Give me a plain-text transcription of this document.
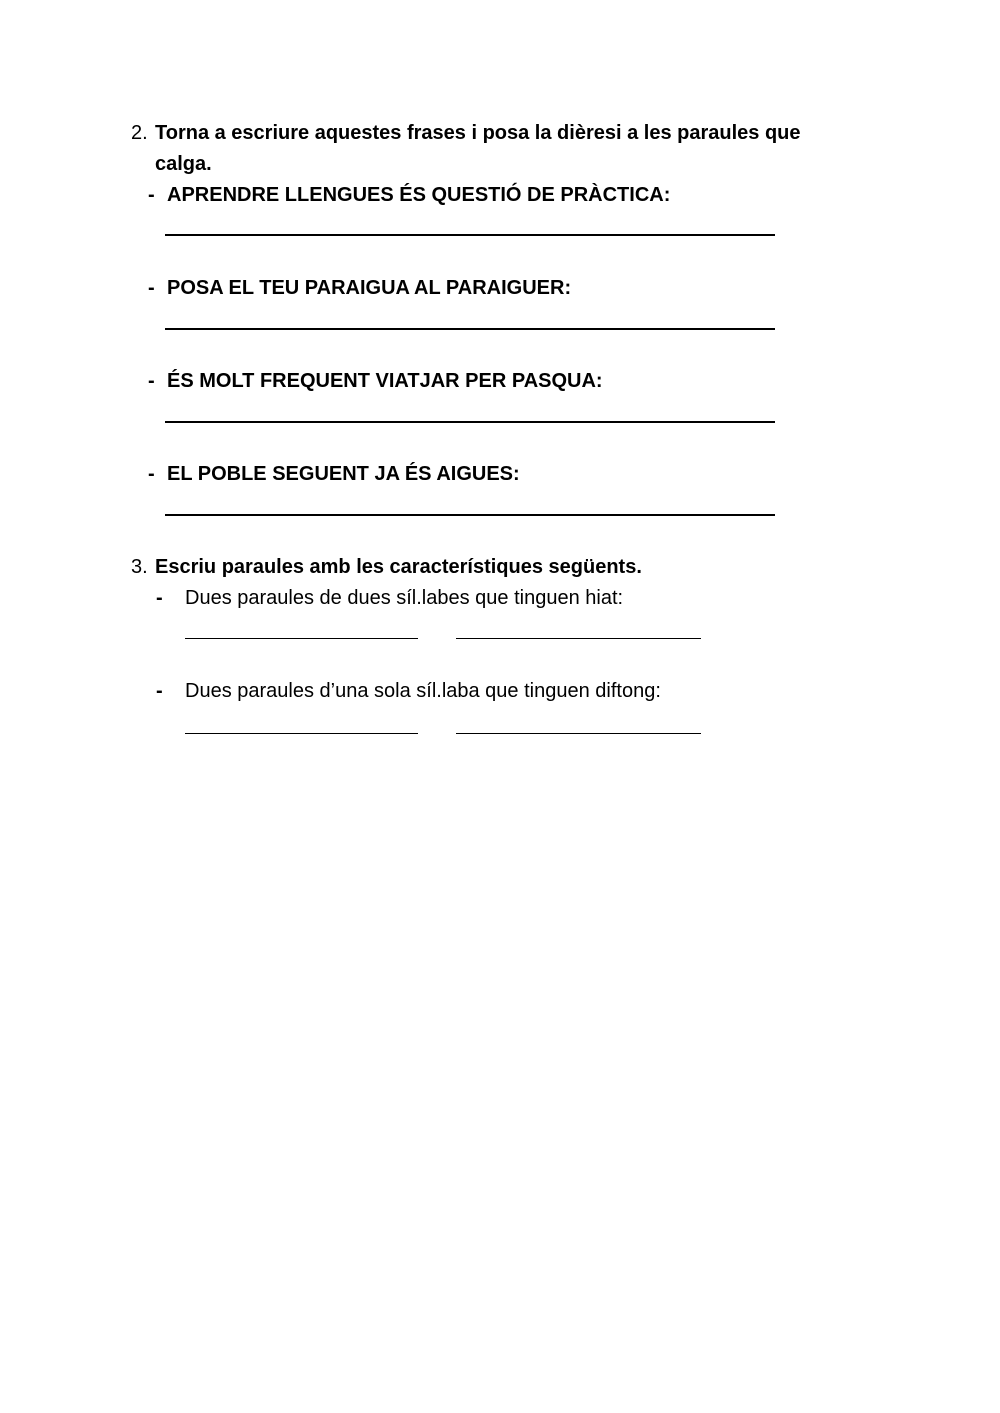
2. Torna a escriure aquestes frases i posa la dièresi a les paraules que
calga.
- APRENDRE LLENGUES ÉS QUESTIÓ DE PRÀCTICA:
- POSA EL TEU PARAIGUA AL PARAIGUER:
- ÉS MOLT FREQUENT VIATJAR PER PASQUA:
- EL POBLE SEGUENT JA ÉS AIGUES:
3. Escriu paraules amb les característiques següents.
- Dues paraules de dues síl.labes que tinguen hiat:
- Dues paraules d’una sola síl.laba que tinguen diftong:
